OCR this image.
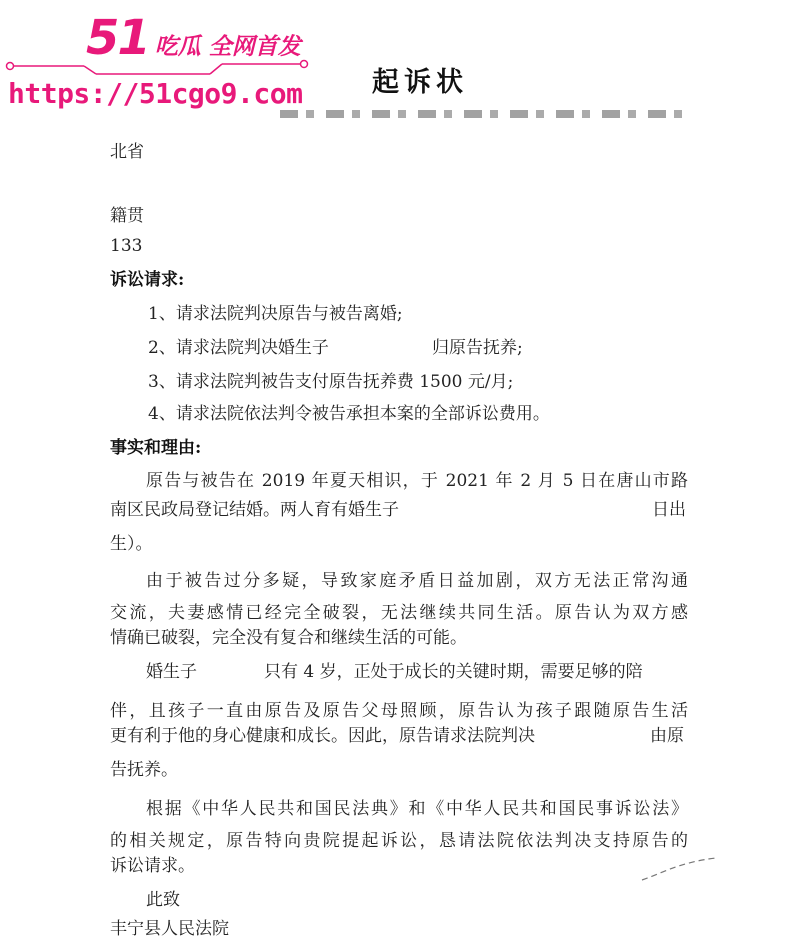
51 吃瓜 全网首发
https://51cgo9.com	起诉状
北省
籍贯
133
诉讼请求:
1、请求法院判决原告与被告离婚;
2、请求法院判决婚生子	归原告抚养;
3、请求法院判被告支付原告抚养费 1500 元/月;
4、请求法院依法判令被告承担本案的全部诉讼费用。
事实和理由:
原告与被告在 2019 年夏天相识，于 2021 年 2 月 5 日在唐山市路
南区民政局登记结婚。两人育有婚生子	日出
生）。
由于被告过分多疑，导致家庭矛盾日益加剧，双方无法正常沟通
交流，夫妻感情已经完全破裂，无法继续共同生活。原告认为双方感
情确已破裂，完全没有复合和继续生活的可能。
婚生子	只有 4 岁，正处于成长的关键时期，需要足够的陪
伴，且孩子一直由原告及原告父母照顾，原告认为孩子跟随原告生活
更有利于他的身心健康和成长。因此，原告请求法院判决	由原
告抚养。
根据《中华人民共和国民法典》和《中华人民共和国民事诉讼法》
的相关规定，原告特向贵院提起诉讼，恳请法院依法判决支持原告的
诉讼请求。
此致
丰宁县人民法院
